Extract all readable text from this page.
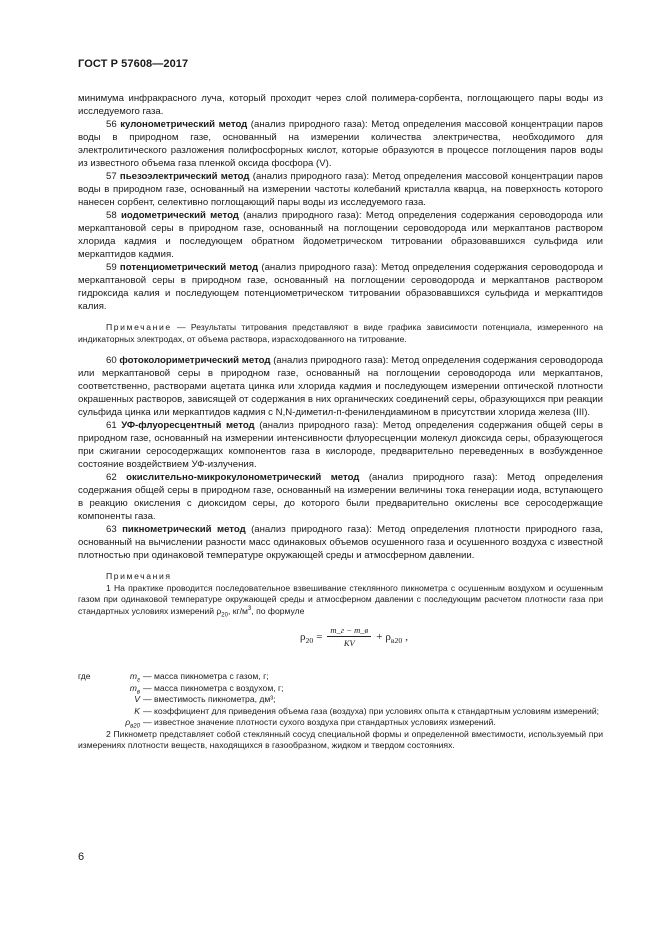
ГОСТ Р 57608—2017

минимума инфракрасного луча, который проходит через слой полимера-сорбента, поглощающего пары воды из исследуемого газа.

56 кулонометрический метод (анализ природного газа): Метод определения массовой концентрации паров воды в природном газе, основанный на измерении количества электричества, необходимого для электролитического разложения полифосфорных кислот, которые образуются в процессе поглощения паров воды из известного объема газа пленкой оксида фосфора (V).

57 пьезоэлектрический метод (анализ природного газа): Метод определения массовой концентрации паров воды в природном газе, основанный на измерении частоты колебаний кристалла кварца, на поверхность которого нанесен сорбент, селективно поглощающий пары воды из исследуемого газа.

58 иодометрический метод (анализ природного газа): Метод определения содержания сероводорода или меркаптановой серы в природном газе, основанный на поглощении сероводорода или меркаптанов раствором хлорида кадмия и последующем обратном йодометрическом титровании образовавшихся сульфида или меркаптидов кадмия.

59 потенциометрический метод (анализ природного газа): Метод определения содержания сероводорода и меркаптановой серы в природном газе, основанный на поглощении сероводорода и меркаптанов раствором гидроксида калия и последующем потенциометрическом титровании образовавшихся сульфида и меркаптидов калия.

Примечание — Результаты титрования представляют в виде графика зависимости потенциала, измеренного на индикаторных электродах, от объема раствора, израсходованного на титрование.

60 фотоколориметрический метод (анализ природного газа): Метод определения содержания сероводорода или меркаптановой серы в природном газе, основанный на поглощении сероводорода или меркаптанов, соответственно, растворами ацетата цинка или хлорида кадмия и последующем измерении оптической плотности окрашенных растворов, зависящей от содержания в них органических соединений серы, образующихся при реакции сульфида цинка или меркаптидов кадмия с N,N-диметил-п-фенилендиамином в присутствии хлорида железа (III).

61 УФ-флуоресцентный метод (анализ природного газа): Метод определения содержания общей серы в природном газе, основанный на измерении интенсивности флуоресценции молекул диоксида серы, образующегося при сжигании серосодержащих компонентов газа в кислороде, предварительно переведенных в возбужденное состояние воздействием УФ-излучения.

62 окислительно-микрокулонометрический метод (анализ природного газа): Метод определения содержания общей серы в природном газе, основанный на измерении величины тока генерации иода, вступающего в реакцию окисления с диоксидом серы, до которого были предварительно окислены все серосодержащие компоненты газа.

63 пикнометрический метод (анализ природного газа): Метод определения плотности природного газа, основанный на вычислении разности масс одинаковых объемов осушенного газа и осушенного воздуха с известной плотностью при одинаковой температуре окружающей среды и атмосферном давлении.

Примечания

1 На практике проводится последовательное взвешивание стеклянного пикнометра с осушенным воздухом и осушенным газом при одинаковой температуре окружающей среды и атмосферном давлении с последующим расчетом плотности газа при стандартных условиях измерений $\rho_{20}$, $кг/м^3$, по формуле

$\rho_{20} = \frac{m\_г - m\_в}{KV} + \rho_{в20}$ ,
где	$m_г$ — масса пикнометра с газом, г;
$m_в$ — масса пикнометра с воздухом, г;
V — вместимость пикнометра, дм³;
K — коэффициент для приведения объема газа (воздуха) при условиях опыта к стандартным условиям измерений;
$\rho_{в20}$ — известное значение плотности сухого воздуха при стандартных условиях измерений.

2 Пикнометр представляет собой стеклянный сосуд специальной формы и определенной вместимости, используемый при измерениях плотности веществ, находящихся в газообразном, жидком и твердом состояниях.

6
